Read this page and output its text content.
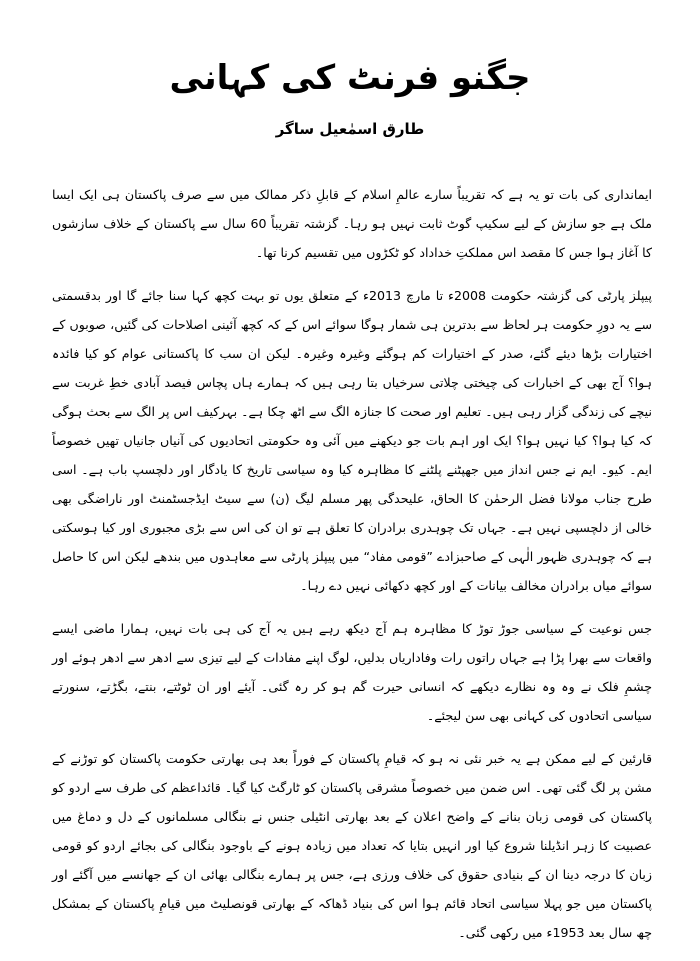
جگنو فرنٹ کی کہانی
طارق اسمٰعیل ساگر

ایمانداری کی بات تو یہ ہے کہ تقریباً سارے عالمِ اسلام کے قابلِ ذکر ممالک میں سے صرف پاکستان ہی ایک ایسا ملک ہے جو سازش کے لیے سکیپ گوٹ ثابت نہیں ہو رہا۔ گزشتہ تقریباً 60 سال سے پاکستان کے خلاف سازشوں کا آغاز ہوا جس کا مقصد اس مملکتِ خداداد کو ٹکڑوں میں تقسیم کرنا تھا۔

پیپلز پارٹی کی گزشتہ حکومت 2008ء تا مارچ 2013ء کے متعلق یوں تو بہت کچھ کہا سنا جائے گا اور بدقسمتی سے یہ دورِ حکومت ہر لحاظ سے بدترین ہی شمار ہوگا سوائے اس کے کہ کچھ آئینی اصلاحات کی گئیں، صوبوں کے اختیارات بڑھا دیئے گئے، صدر کے اختیارات کم ہوگئے وغیرہ وغیرہ۔ لیکن ان سب کا پاکستانی عوام کو کیا فائدہ ہوا؟ آج بھی کے اخبارات کی چیختی چلاتی سرخیاں بتا رہی ہیں کہ ہمارے ہاں پچاس فیصد آبادی خطِ غربت سے نیچے کی زندگی گزار رہی ہیں۔ تعلیم اور صحت کا جنازہ الگ سے اٹھ چکا ہے۔ بہرکیف اس پر الگ سے بحث ہوگی کہ کیا ہوا؟ کیا نہیں ہوا؟ ایک اور اہم بات جو دیکھنے میں آئی وہ حکومتی اتحادیوں کی آنیاں جانیاں تھیں خصوصاً ایم۔ کیو۔ ایم نے جس انداز میں جھپٹنے پلٹنے کا مظاہرہ کیا وہ سیاسی تاریخ کا یادگار اور دلچسپ باب ہے۔ اسی طرح جناب مولانا فضل الرحمٰن کا الحاق، علیحدگی پھر مسلم لیگ (ن) سے سیٹ ایڈجسٹمنٹ اور ناراضگی بھی خالی از دلچسپی نہیں ہے۔ جہاں تک چوہدری برادران کا تعلق ہے تو ان کی اس سے بڑی مجبوری اور کیا ہوسکتی ہے کہ چوہدری ظہور الٰہی کے صاحبزادے ”قومی مفاد“ میں پیپلز پارٹی سے معاہدوں میں بندھے لیکن اس کا حاصل سوائے میاں برادران مخالف بیانات کے اور کچھ دکھائی نہیں دے رہا۔

جس نوعیت کے سیاسی جوڑ توڑ کا مظاہرہ ہم آج دیکھ رہے ہیں یہ آج کی ہی بات نہیں، ہمارا ماضی ایسے واقعات سے بھرا پڑا ہے جہاں راتوں رات وفاداریاں بدلیں، لوگ اپنے مفادات کے لیے تیزی سے ادھر سے ادھر ہوئے اور چشمِ فلک نے وہ وہ نظارے دیکھے کہ انسانی حیرت گم ہو کر رہ گئی۔ آیئے اور ان ٹوٹتے، بنتے، بگڑتے، سنورتے سیاسی اتحادوں کی کہانی بھی سن لیجئے۔

قارئین کے لیے ممکن ہے یہ خبر نئی نہ ہو کہ قیامِ پاکستان کے فوراً بعد ہی بھارتی حکومت پاکستان کو توڑنے کے مشن پر لگ گئی تھی۔ اس ضمن میں خصوصاً مشرقی پاکستان کو ٹارگٹ کیا گیا۔ قائداعظم کی طرف سے اردو کو پاکستان کی قومی زبان بنانے کے واضح اعلان کے بعد بھارتی انٹیلی جنس نے بنگالی مسلمانوں کے دل و دماغ میں عصبیت کا زہر انڈیلنا شروع کیا اور انہیں بتایا کہ تعداد میں زیادہ ہونے کے باوجود بنگالی کی بجائے اردو کو قومی زبان کا درجہ دینا ان کے بنیادی حقوق کی خلاف ورزی ہے، جس پر ہمارے بنگالی بھائی ان کے جھانسے میں آگئے اور پاکستان میں جو پہلا سیاسی اتحاد قائم ہوا اس کی بنیاد ڈھاکہ کے بھارتی قونصلیٹ میں قیامِ پاکستان کے بمشکل چھ سال بعد 1953ء میں رکھی گئی۔
